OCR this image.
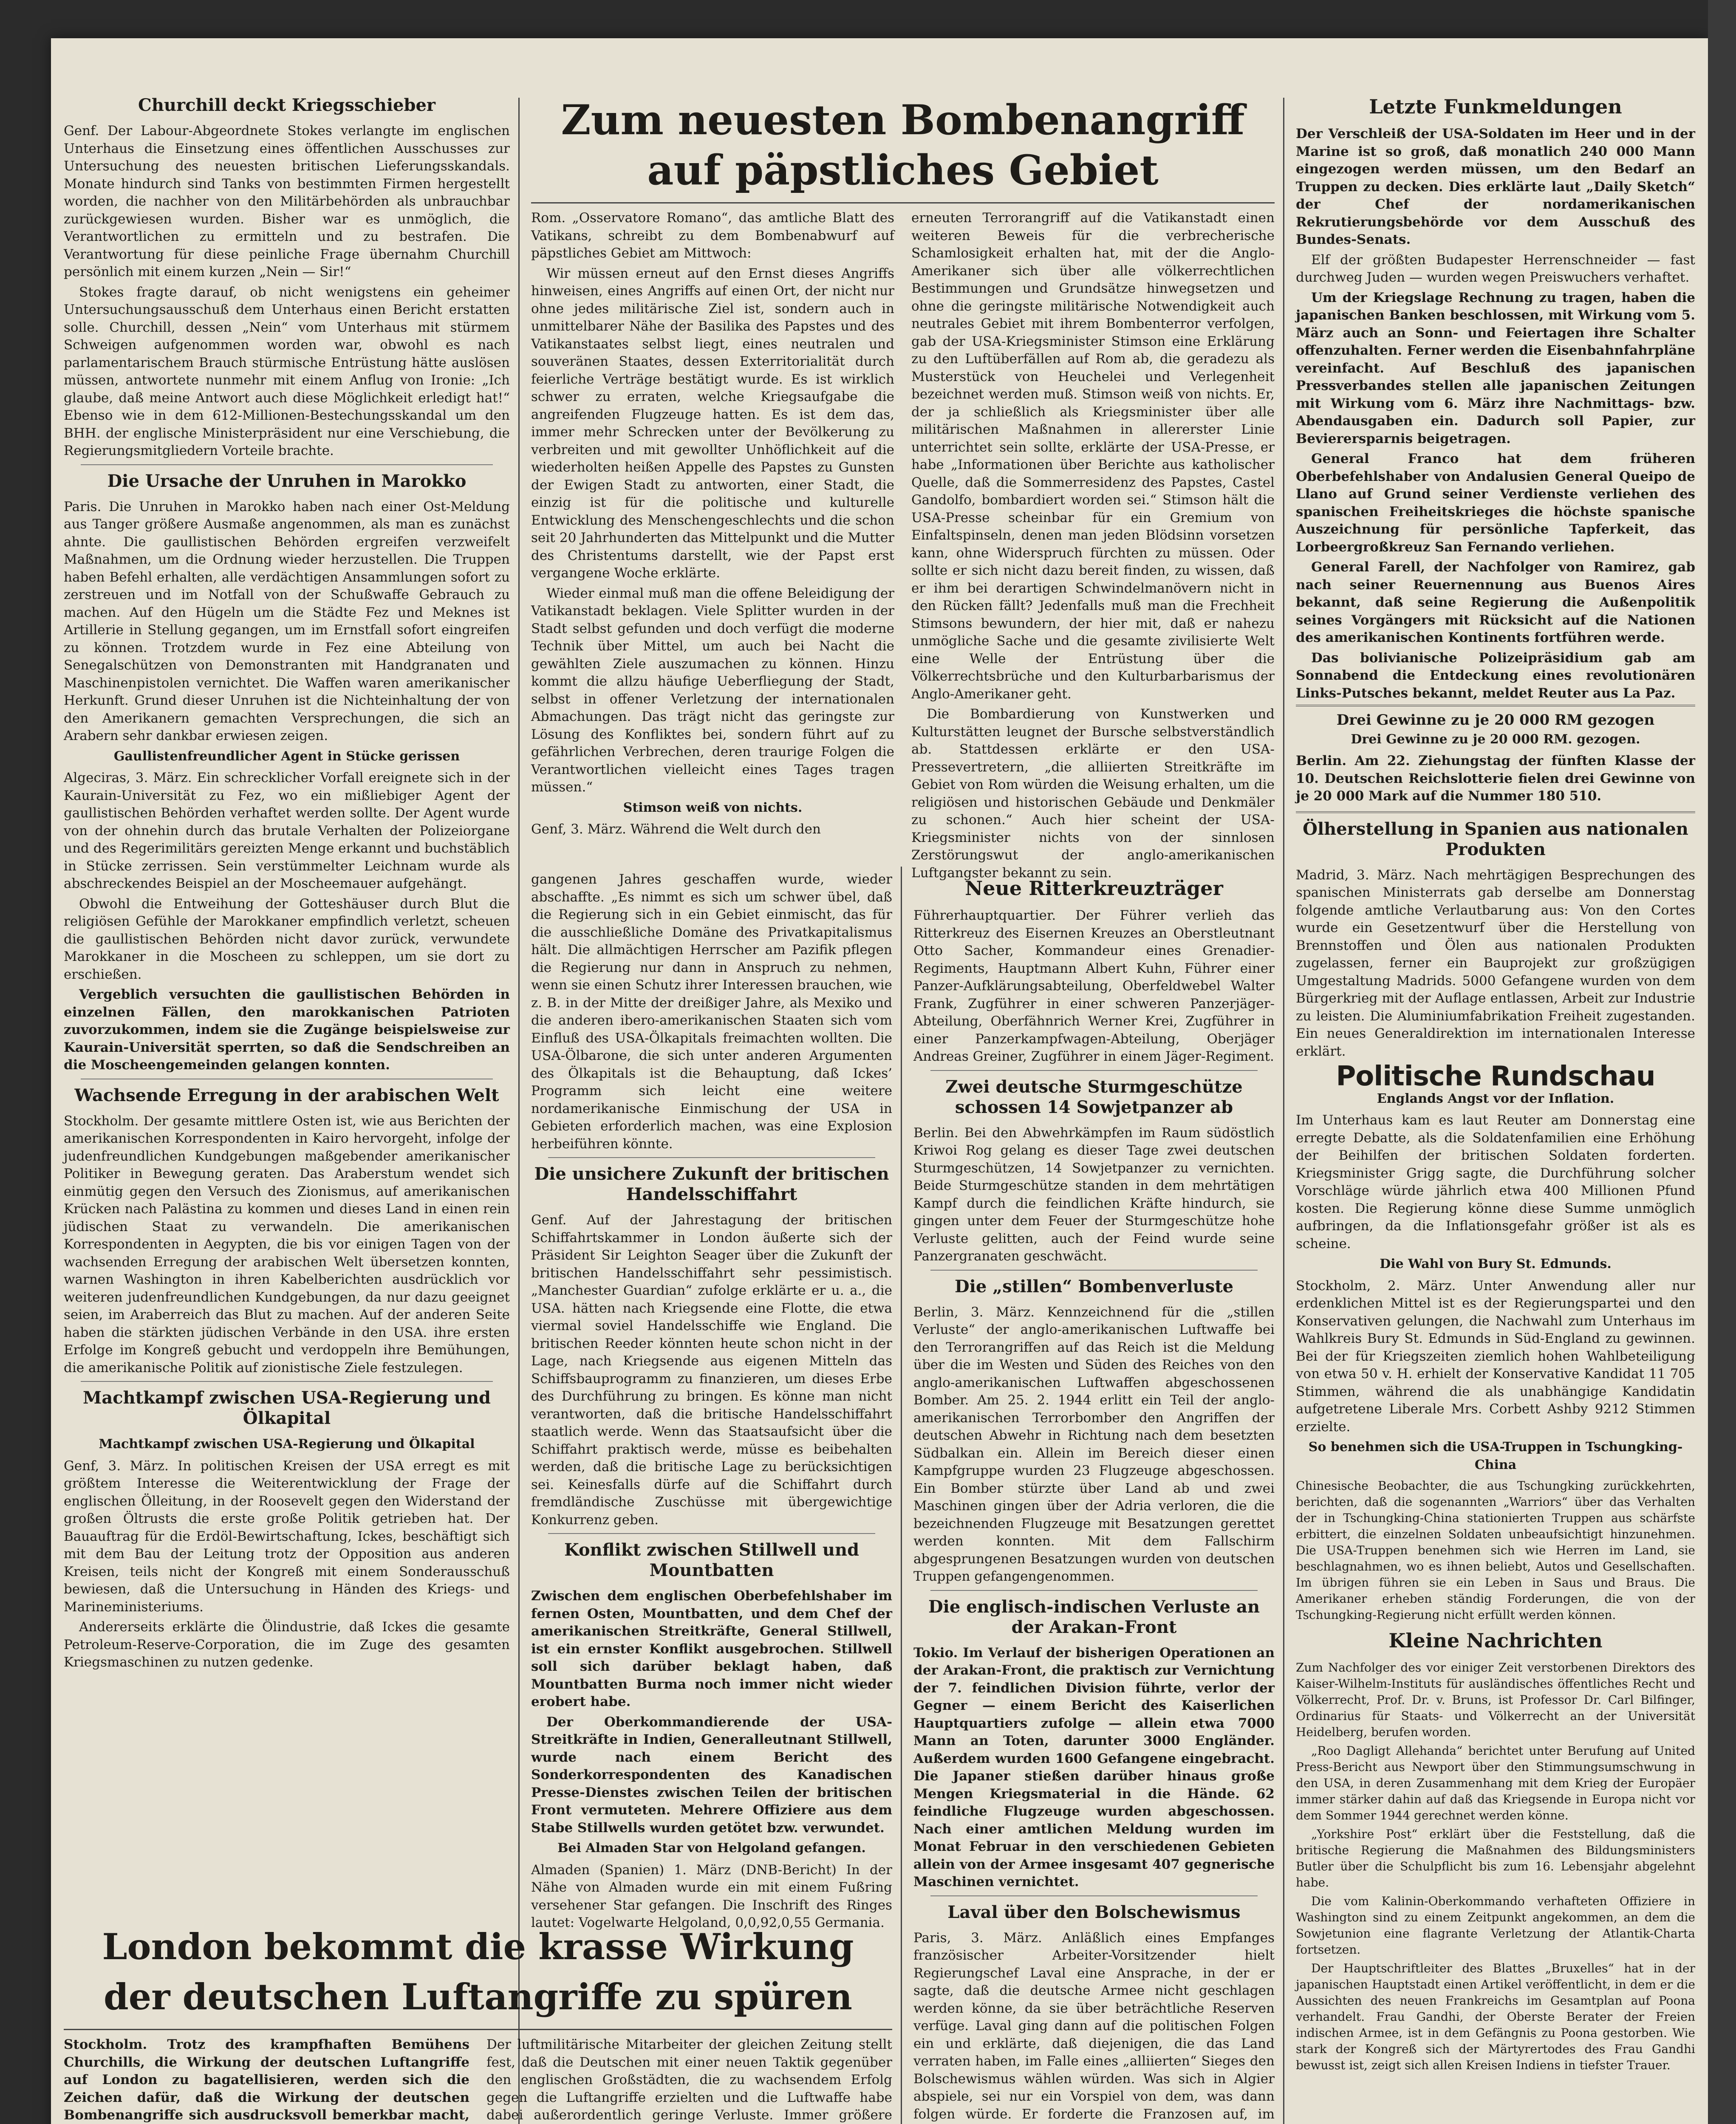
Churchill deckt Kriegsschieber

Genf. Der Labour-Abgeordnete Stokes verlangte im englischen Unterhaus die Einsetzung eines öffentlichen Ausschusses zur Untersuchung des neuesten britischen Lieferungsskandals. Monate hindurch sind Tanks von bestimmten Firmen hergestellt worden, die nachher von den Militärbehörden als unbrauchbar zurückgewiesen wurden. Bisher war es unmöglich, die Verantwortlichen zu ermitteln und zu bestrafen. Die Verantwortung für diese peinliche Frage übernahm Churchill persönlich mit einem kurzen „Nein — Sir!“

Stokes fragte darauf, ob nicht wenigstens ein geheimer Untersuchungsausschuß dem Unterhaus einen Bericht erstatten solle. Churchill, dessen „Nein“ vom Unterhaus mit stürmem Schweigen aufgenommen worden war, obwohl es nach parlamentarischem Brauch stürmische Entrüstung hätte auslösen müssen, antwortete nunmehr mit einem Anflug von Ironie: „Ich glaube, daß meine Antwort auch diese Möglichkeit erledigt hat!“ Ebenso wie in dem 612-Millionen-Bestechungsskandal um den BHH. der englische Ministerpräsident nur eine Verschiebung, die Regierungsmitgliedern Vorteile brachte.

Die Ursache der Unruhen in Marokko

Paris. Die Unruhen in Marokko haben nach einer Ost-Meldung aus Tanger größere Ausmaße angenommen, als man es zunächst ahnte. Die gaullistischen Behörden ergreifen verzweifelt Maßnahmen, um die Ordnung wieder herzustellen. Die Truppen haben Befehl erhalten, alle verdächtigen Ansammlungen sofort zu zerstreuen und im Notfall von der Schußwaffe Gebrauch zu machen. Auf den Hügeln um die Städte Fez und Meknes ist Artillerie in Stellung gegangen, um im Ernstfall sofort eingreifen zu können. Trotzdem wurde in Fez eine Abteilung von Senegalschützen von Demonstranten mit Handgranaten und Maschinenpistolen vernichtet. Die Waffen waren amerikanischer Herkunft. Grund dieser Unruhen ist die Nichteinhaltung der von den Amerikanern gemachten Versprechungen, die sich an Arabern sehr dankbar erwiesen zeigen.

Gaullistenfreundlicher Agent in Stücke gerissen

Algeciras, 3. März. Ein schrecklicher Vorfall ereignete sich in der Kaurain-Universität zu Fez, wo ein mißliebiger Agent der gaullistischen Behörden verhaftet werden sollte. Der Agent wurde von der ohnehin durch das brutale Verhalten der Polizeiorgane und des Regerimilitärs gereizten Menge erkannt und buchstäblich in Stücke zerrissen. Sein verstümmelter Leichnam wurde als abschreckendes Beispiel an der Moscheemauer aufgehängt.

Obwohl die Entweihung der Gotteshäuser durch Blut die religiösen Gefühle der Marokkaner empfindlich verletzt, scheuen die gaullistischen Behörden nicht davor zurück, verwundete Marokkaner in die Moscheen zu schleppen, um sie dort zu erschießen.

Vergeblich versuchten die gaullistischen Behörden in einzelnen Fällen, den marokkanischen Patrioten zuvorzukommen, indem sie die Zugänge beispielsweise zur Kaurain-Universität sperrten, so daß die Sendschreiben an die Moscheengemeinden gelangen konnten.

Wachsende Erregung in der arabischen Welt

Stockholm. Der gesamte mittlere Osten ist, wie aus Berichten der amerikanischen Korrespondenten in Kairo hervorgeht, infolge der judenfreundlichen Kundgebungen maßgebender amerikanischer Politiker in Bewegung geraten. Das Araberstum wendet sich einmütig gegen den Versuch des Zionismus, auf amerikanischen Krücken nach Palästina zu kommen und dieses Land in einen rein jüdischen Staat zu verwandeln. Die amerikanischen Korrespondenten in Aegypten, die bis vor einigen Tagen von der wachsenden Erregung der arabischen Welt übersetzen konnten, warnen Washington in ihren Kabelberichten ausdrücklich vor weiteren judenfreundlichen Kundgebungen, da nur dazu geeignet seien, im Araberreich das Blut zu machen. Auf der anderen Seite haben die stärkten jüdischen Verbände in den USA. ihre ersten Erfolge im Kongreß gebucht und verdoppeln ihre Bemühungen, die amerikanische Politik auf zionistische Ziele festzulegen.

Machtkampf zwischen USA-Regierung und Ölkapital
Machtkampf zwischen USA-Regierung und Ölkapital

Genf, 3. März. In politischen Kreisen der USA erregt es mit größtem Interesse die Weiterentwicklung der Frage der englischen Ölleitung, in der Roosevelt gegen den Widerstand der großen Öltrusts die erste große Politik getrieben hat. Der Bauauftrag für die Erdöl-Bewirtschaftung, Ickes, beschäftigt sich mit dem Bau der Leitung trotz der Opposition aus anderen Kreisen, teils nicht der Kongreß mit einem Sonderausschuß bewiesen, daß die Untersuchung in Händen des Kriegs- und Marineministeriums.

Andererseits erklärte die Ölindustrie, daß Ickes die gesamte Petroleum-Reserve-Corporation, die im Zuge des gesamten Kriegsmaschinen zu nutzen gedenke.

Zum neuesten Bombenangriff auf päpstliches Gebiet

Rom. „Osservatore Romano“, das amtliche Blatt des Vatikans, schreibt zu dem Bombenabwurf auf päpstliches Gebiet am Mittwoch:

Wir müssen erneut auf den Ernst dieses Angriffs hinweisen, eines Angriffs auf einen Ort, der nicht nur ohne jedes militärische Ziel ist, sondern auch in unmittelbarer Nähe der Basilika des Papstes und des Vatikanstaates selbst liegt, eines neutralen und souveränen Staates, dessen Exterritorialität durch feierliche Verträge bestätigt wurde. Es ist wirklich schwer zu erraten, welche Kriegsaufgabe die angreifenden Flugzeuge hatten. Es ist dem das, immer mehr Schrecken unter der Bevölkerung zu verbreiten und mit gewollter Unhöflichkeit auf die wiederholten heißen Appelle des Papstes zu Gunsten der Ewigen Stadt zu antworten, einer Stadt, die einzig ist für die politische und kulturelle Entwicklung des Menschengeschlechts und die schon seit 20 Jahrhunderten das Mittelpunkt und die Mutter des Christentums darstellt, wie der Papst erst vergangene Woche erklärte.

Wieder einmal muß man die offene Beleidigung der Vatikanstadt beklagen. Viele Splitter wurden in der Stadt selbst gefunden und doch verfügt die moderne Technik über Mittel, um auch bei Nacht die gewählten Ziele auszumachen zu können. Hinzu kommt die allzu häufige Ueberfliegung der Stadt, selbst in offener Verletzung der internationalen Abmachungen. Das trägt nicht das geringste zur Lösung des Konfliktes bei, sondern führt auf zu gefährlichen Verbrechen, deren traurige Folgen die Verantwortlichen vielleicht eines Tages tragen müssen.“

Stimson weiß von nichts.

Genf, 3. März. Während die Welt durch den

erneuten Terrorangriff auf die Vatikanstadt einen weiteren Beweis für die verbrecherische Schamlosigkeit erhalten hat, mit der die Anglo-Amerikaner sich über alle völkerrechtlichen Bestimmungen und Grundsätze hinwegsetzen und ohne die geringste militärische Notwendigkeit auch neutrales Gebiet mit ihrem Bombenterror verfolgen, gab der USA-Kriegsminister Stimson eine Erklärung zu den Luftüberfällen auf Rom ab, die geradezu als Musterstück von Heuchelei und Verlegenheit bezeichnet werden muß. Stimson weiß von nichts. Er, der ja schließlich als Kriegsminister über alle militärischen Maßnahmen in allererster Linie unterrichtet sein sollte, erklärte der USA-Presse, er habe „Informationen über Berichte aus katholischer Quelle, daß die Sommerresidenz des Papstes, Castel Gandolfo, bombardiert worden sei.“ Stimson hält die USA-Presse scheinbar für ein Gremium von Einfaltspinseln, denen man jeden Blödsinn vorsetzen kann, ohne Widerspruch fürchten zu müssen. Oder sollte er sich nicht dazu bereit finden, zu wissen, daß er ihm bei derartigen Schwindelmanövern nicht in den Rücken fällt? Jedenfalls muß man die Frechheit Stimsons bewundern, der hier mit, daß er nahezu unmögliche Sache und die gesamte zivilisierte Welt eine Welle der Entrüstung über die Völkerrechtsbrüche und den Kulturbarbarismus der Anglo-Amerikaner geht.

Die Bombardierung von Kunstwerken und Kulturstätten leugnet der Bursche selbstverständlich ab. Stattdessen erklärte er den USA-Pressevertretern, „die alliierten Streitkräfte im Gebiet von Rom würden die Weisung erhalten, um die religiösen und historischen Gebäude und Denkmäler zu schonen.“ Auch hier scheint der USA-Kriegsminister nichts von der sinnlosen Zerstörungswut der anglo-amerikanischen Luftgangster bekannt zu sein.

gangenen Jahres geschaffen wurde, wieder abschaffte. „Es nimmt es sich um schwer übel, daß die Regierung sich in ein Gebiet einmischt, das für die ausschließliche Domäne des Privatkapitalismus hält. Die allmächtigen Herrscher am Pazifik pflegen die Regierung nur dann in Anspruch zu nehmen, wenn sie einen Schutz ihrer Interessen brauchen, wie z. B. in der Mitte der dreißiger Jahre, als Mexiko und die anderen ibero-amerikanischen Staaten sich vom Einfluß des USA-Ölkapitals freimachten wollten. Die USA-Ölbarone, die sich unter anderen Argumenten des Ölkapitals ist die Behauptung, daß Ickes’ Programm sich leicht eine weitere nordamerikanische Einmischung der USA in Gebieten erforderlich machen, was eine Explosion herbeiführen könnte.

Die unsichere Zukunft der britischen Handelsschiffahrt

Genf. Auf der Jahrestagung der britischen Schiffahrtskammer in London äußerte sich der Präsident Sir Leighton Seager über die Zukunft der britischen Handelsschiffahrt sehr pessimistisch. „Manchester Guardian“ zufolge erklärte er u. a., die USA. hätten nach Kriegsende eine Flotte, die etwa viermal soviel Handelsschiffe wie England. Die britischen Reeder könnten heute schon nicht in der Lage, nach Kriegsende aus eigenen Mitteln das Schiffsbauprogramm zu finanzieren, um dieses Erbe des Durchführung zu bringen. Es könne man nicht verantworten, daß die britische Handelsschiffahrt staatlich werde. Wenn das Staatsaufsicht über die Schiffahrt praktisch werde, müsse es beibehalten werden, daß die britische Lage zu berücksichtigen sei. Keinesfalls dürfe auf die Schiffahrt durch fremdländische Zuschüsse mit übergewichtige Konkurrenz geben.

Konflikt zwischen Stillwell und Mountbatten

Zwischen dem englischen Oberbefehlshaber im fernen Osten, Mountbatten, und dem Chef der amerikanischen Streitkräfte, General Stillwell, ist ein ernster Konflikt ausgebrochen. Stillwell soll sich darüber beklagt haben, daß Mountbatten Burma noch immer nicht wieder erobert habe.

Der Oberkommandierende der USA-Streitkräfte in Indien, Generalleutnant Stillwell, wurde nach einem Bericht des Sonderkorrespondenten des Kanadischen Presse-Dienstes zwischen Teilen der britischen Front vermuteten. Mehrere Offiziere aus dem Stabe Stillwells wurden getötet bzw. verwundet.

Bei Almaden Star von Helgoland gefangen.

Almaden (Spanien) 1. März (DNB-Bericht) In der Nähe von Almaden wurde ein mit einem Fußring versehener Star gefangen. Die Inschrift des Ringes lautet: Vogelwarte Helgoland, 0,0,92,0,55 Germania.

Neue Ritterkreuzträger

Führerhauptquartier. Der Führer verlieh das Ritterkreuz des Eisernen Kreuzes an Oberstleutnant Otto Sacher, Kommandeur eines Grenadier-Regiments, Hauptmann Albert Kuhn, Führer einer Panzer-Aufklärungsabteilung, Oberfeldwebel Walter Frank, Zugführer in einer schweren Panzerjäger-Abteilung, Oberfähnrich Werner Krei, Zugführer in einer Panzerkampfwagen-Abteilung, Oberjäger Andreas Greiner, Zugführer in einem Jäger-Regiment.

Zwei deutsche Sturmgeschütze schossen 14 Sowjetpanzer ab

Berlin. Bei den Abwehrkämpfen im Raum südöstlich Kriwoi Rog gelang es dieser Tage zwei deutschen Sturmgeschützen, 14 Sowjetpanzer zu vernichten. Beide Sturmgeschütze standen in dem mehrtätigen Kampf durch die feindlichen Kräfte hindurch, sie gingen unter dem Feuer der Sturmgeschütze hohe Verluste gelitten, auch der Feind wurde seine Panzergranaten geschwächt.

Die „stillen“ Bombenverluste

Berlin, 3. März. Kennzeichnend für die „stillen Verluste“ der anglo-amerikanischen Luftwaffe bei den Terrorangriffen auf das Reich ist die Meldung über die im Westen und Süden des Reiches von den anglo-amerikanischen Luftwaffen abgeschossenen Bomber. Am 25. 2. 1944 erlitt ein Teil der anglo-amerikanischen Terrorbomber den Angriffen der deutschen Abwehr in Richtung nach dem besetzten Südbalkan ein. Allein im Bereich dieser einen Kampfgruppe wurden 23 Flugzeuge abgeschossen. Ein Bomber stürzte über Land ab und zwei Maschinen gingen über der Adria verloren, die die bezeichnenden Flugzeuge mit Besatzungen gerettet werden konnten. Mit dem Fallschirm abgesprungenen Besatzungen wurden von deutschen Truppen gefangengenommen.

Die englisch-indischen Verluste an der Arakan-Front

Tokio. Im Verlauf der bisherigen Operationen an der Arakan-Front, die praktisch zur Vernichtung der 7. feindlichen Division führte, verlor der Gegner — einem Bericht des Kaiserlichen Hauptquartiers zufolge — allein etwa 7000 Mann an Toten, darunter 3000 Engländer. Außerdem wurden 1600 Gefangene eingebracht. Die Japaner stießen darüber hinaus große Mengen Kriegsmaterial in die Hände. 62 feindliche Flugzeuge wurden abgeschossen. Nach einer amtlichen Meldung wurden im Monat Februar in den verschiedenen Gebieten allein von der Armee insgesamt 407 gegnerische Maschinen vernichtet.

Laval über den Bolschewismus

Paris, 3. März. Anläßlich eines Empfanges französischer Arbeiter-Vorsitzender hielt Regierungschef Laval eine Ansprache, in der er sagte, daß die deutsche Armee nicht geschlagen werden könne, da sie über beträchtliche Reserven verfüge. Laval ging dann auf die politischen Folgen ein und erklärte, daß diejenigen, die das Land verraten haben, im Falle eines „alliierten“ Sieges den Bolschewismus wählen würden. Was sich in Algier abspiele, sei nur ein Vorspiel von dem, was dann folgen würde. Er forderte die Franzosen auf, im

London bekommt die krasse Wirkung der deutschen Luftangriffe zu spüren

Stockholm. Trotz des krampfhaften Bemühens Churchills, die Wirkung der deutschen Luftangriffe auf London zu bagatellisieren, werden sich die Zeichen dafür, daß die Wirkung der deutschen Bombenangriffe sich ausdrucksvoll bemerkbar macht,

Der luftmilitärische Mitarbeiter der gleichen Zeitung stellt fest, daß die Deutschen mit einer neuen Taktik gegenüber den englischen Großstädten, die zu wachsendem Erfolg gegen die Luftangriffe erzielten und die Luftwaffe habe dabei außerordentlich geringe Verluste. Immer größere

Letzte Funkmeldungen

Der Verschleiß der USA-Soldaten im Heer und in der Marine ist so groß, daß monatlich 240 000 Mann eingezogen werden müssen, um den Bedarf an Truppen zu decken. Dies erklärte laut „Daily Sketch“ der Chef der nordamerikanischen Rekrutierungsbehörde vor dem Ausschuß des Bundes-Senats.

Elf der größten Budapester Herrenschneider — fast durchweg Juden — wurden wegen Preiswuchers verhaftet.

Um der Kriegslage Rechnung zu tragen, haben die japanischen Banken beschlossen, mit Wirkung vom 5. März auch an Sonn- und Feiertagen ihre Schalter offenzuhalten. Ferner werden die Eisenbahnfahrpläne vereinfacht. Auf Beschluß des japanischen Pressverbandes stellen alle japanischen Zeitungen mit Wirkung vom 6. März ihre Nachmittags- bzw. Abendausgaben ein. Dadurch soll Papier, zur Bevierersparnis beigetragen.

General Franco hat dem früheren Oberbefehlshaber von Andalusien General Queipo de Llano auf Grund seiner Verdienste verliehen des spanischen Freiheitskrieges die höchste spanische Auszeichnung für persönliche Tapferkeit, das Lorbeergroßkreuz San Fernando verliehen.

General Farell, der Nachfolger von Ramirez, gab nach seiner Reuernennung aus Buenos Aires bekannt, daß seine Regierung die Außenpolitik seines Vorgängers mit Rücksicht auf die Nationen des amerikanischen Kontinents fortführen werde.

Das bolivianische Polizeipräsidium gab am Sonnabend die Entdeckung eines revolutionären Links-Putsches bekannt, meldet Reuter aus La Paz.

Drei Gewinne zu je 20 000 RM gezogen
Drei Gewinne zu je 20 000 RM. gezogen.

Berlin. Am 22. Ziehungstag der fünften Klasse der 10. Deutschen Reichslotterie fielen drei Gewinne von je 20 000 Mark auf die Nummer 180 510.

Ölherstellung in Spanien aus nationalen Produkten

Madrid, 3. März. Nach mehrtägigen Besprechungen des spanischen Ministerrats gab derselbe am Donnerstag folgende amtliche Verlautbarung aus: Von den Cortes wurde ein Gesetzentwurf über die Herstellung von Brennstoffen und Ölen aus nationalen Produkten zugelassen, ferner ein Bauprojekt zur großzügigen Umgestaltung Madrids. 5000 Gefangene wurden von dem Bürgerkrieg mit der Auflage entlassen, Arbeit zur Industrie zu leisten. Die Aluminiumfabrikation Freiheit zugestanden. Ein neues Generaldirektion im internationalen Interesse erklärt.

Politische Rundschau
Englands Angst vor der Inflation.

Im Unterhaus kam es laut Reuter am Donnerstag eine erregte Debatte, als die Soldatenfamilien eine Erhöhung der Beihilfen der britischen Soldaten forderten. Kriegsminister Grigg sagte, die Durchführung solcher Vorschläge würde jährlich etwa 400 Millionen Pfund kosten. Die Regierung könne diese Summe unmöglich aufbringen, da die Inflationsgefahr größer ist als es scheine.

Die Wahl von Bury St. Edmunds.

Stockholm, 2. März. Unter Anwendung aller nur erdenklichen Mittel ist es der Regierungspartei und den Konservativen gelungen, die Nachwahl zum Unterhaus im Wahlkreis Bury St. Edmunds in Süd-England zu gewinnen. Bei der für Kriegszeiten ziemlich hohen Wahlbeteiligung von etwa 50 v. H. erhielt der Konservative Kandidat 11 705 Stimmen, während die als unabhängige Kandidatin aufgetretene Liberale Mrs. Corbett Ashby 9212 Stimmen erzielte.

So benehmen sich die USA-Truppen in Tschungking-China

Chinesische Beobachter, die aus Tschungking zurückkehrten, berichten, daß die sogenannten „Warriors“ über das Verhalten der in Tschungking-China stationierten Truppen aus schärfste erbittert, die einzelnen Soldaten unbeaufsichtigt hinzunehmen. Die USA-Truppen benehmen sich wie Herren im Land, sie beschlagnahmen, wo es ihnen beliebt, Autos und Gesellschaften. Im übrigen führen sie ein Leben in Saus und Braus. Die Amerikaner erheben ständig Forderungen, die von der Tschungking-Regierung nicht erfüllt werden können.

Kleine Nachrichten

Zum Nachfolger des vor einiger Zeit verstorbenen Direktors des Kaiser-Wilhelm-Instituts für ausländisches öffentliches Recht und Völkerrecht, Prof. Dr. v. Bruns, ist Professor Dr. Carl Bilfinger, Ordinarius für Staats- und Völkerrecht an der Universität Heidelberg, berufen worden.

„Roo Dagligt Allehanda“ berichtet unter Berufung auf United Press-Bericht aus Newport über den Stimmungsumschwung in den USA, in deren Zusammenhang mit dem Krieg der Europäer immer stärker dahin auf daß das Kriegsende in Europa nicht vor dem Sommer 1944 gerechnet werden könne.

„Yorkshire Post“ erklärt über die Feststellung, daß die britische Regierung die Maßnahmen des Bildungsministers Butler über die Schulpflicht bis zum 16. Lebensjahr abgelehnt habe.

Die vom Kalinin-Oberkommando verhafteten Offiziere in Washington sind zu einem Zeitpunkt angekommen, an dem die Sowjetunion eine flagrante Verletzung der Atlantik-Charta fortsetzen.

Der Hauptschriftleiter des Blattes „Bruxelles“ hat in der japanischen Hauptstadt einen Artikel veröffentlicht, in dem er die Aussichten des neuen Frankreichs im Gesamtplan auf Poona verhandelt. Frau Gandhi, der Oberste Berater der Freien indischen Armee, ist in dem Gefängnis zu Poona gestorben. Wie stark der Kongreß sich der Märtyrertodes des Frau Gandhi bewusst ist, zeigt sich allen Kreisen Indiens in tiefster Trauer.
